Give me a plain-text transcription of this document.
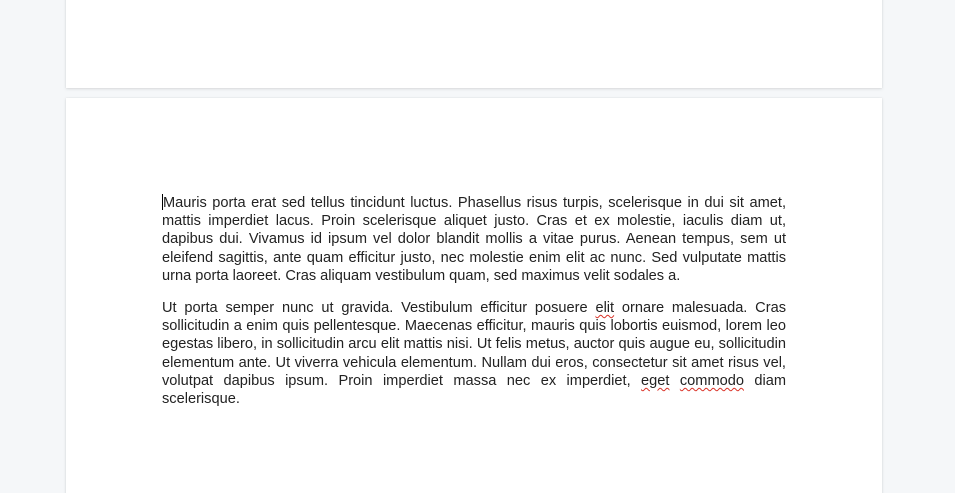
Mauris porta erat sed tellus tincidunt luctus. Phasellus risus turpis, scelerisque in dui sit amet, mattis imperdiet lacus. Proin scelerisque aliquet justo. Cras et ex molestie, iaculis diam ut, dapibus dui. Vivamus id ipsum vel dolor blandit mollis a vitae purus. Aenean tempus, sem ut eleifend sagittis, ante quam efficitur justo, nec molestie enim elit ac nunc. Sed vulputate mattis urna porta laoreet. Cras aliquam vestibulum quam, sed maximus velit sodales a.

Ut porta semper nunc ut gravida. Vestibulum efficitur posuere elit ornare malesuada. Cras sollicitudin a enim quis pellentesque. Maecenas efficitur, mauris quis lobortis euismod, lorem leo egestas libero, in sollicitudin arcu elit mattis nisi. Ut felis metus, auctor quis augue eu, sollicitudin elementum ante. Ut viverra vehicula elementum. Nullam dui eros, consectetur sit amet risus vel, volutpat dapibus ipsum. Proin imperdiet massa nec ex imperdiet, eget commodo diam scelerisque.
